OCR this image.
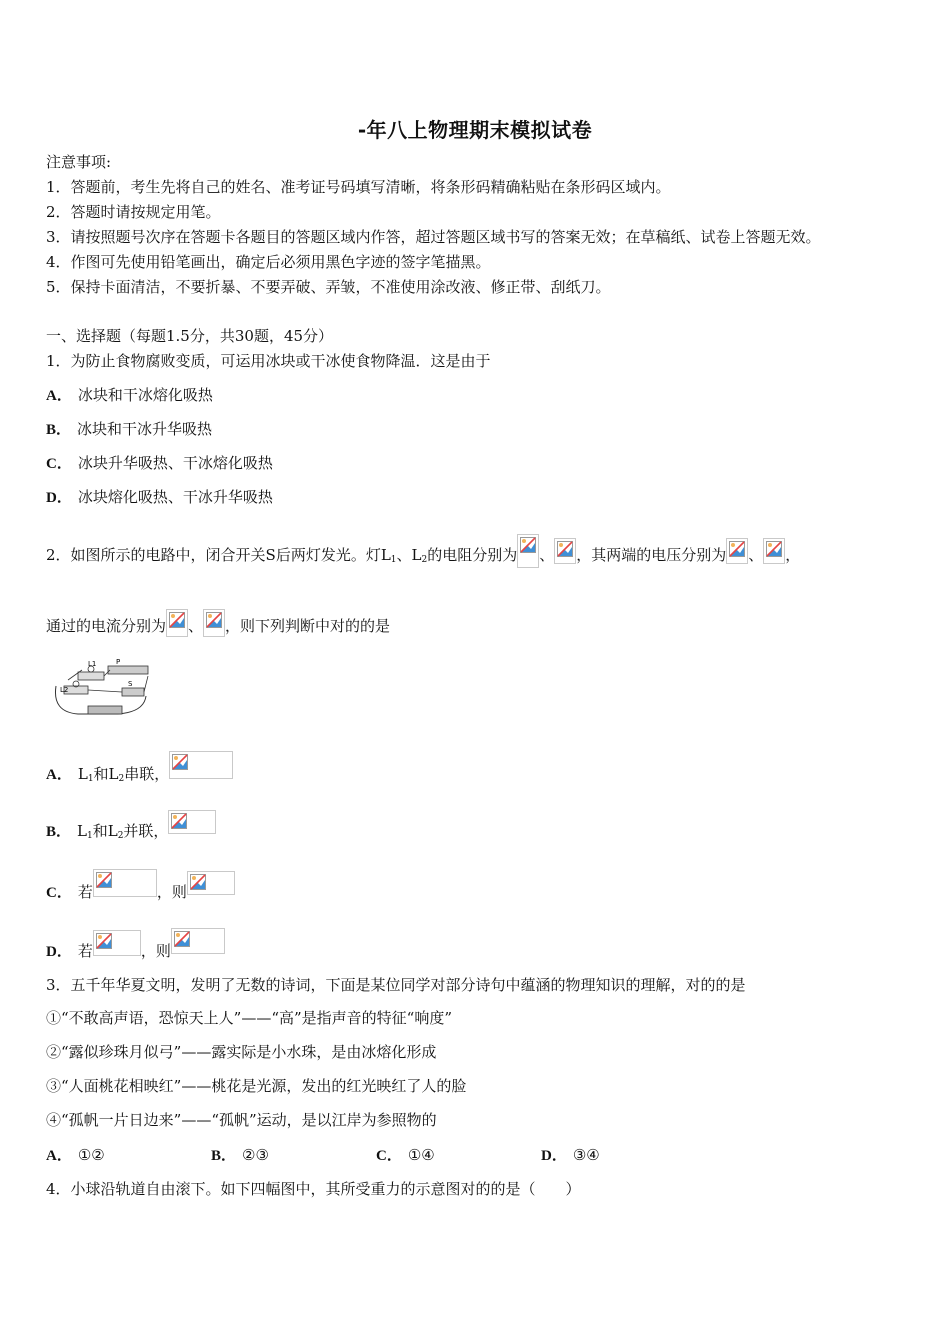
-年八上物理期末模拟试卷
注意事项:
1．答题前，考生先将自己的姓名、准考证号码填写清晰，将条形码精确粘贴在条形码区域内。
2．答题时请按规定用笔。
3．请按照题号次序在答题卡各题目的答题区域内作答，超过答题区域书写的答案无效；在草稿纸、试卷上答题无效。
4．作图可先使用铅笔画出，确定后必须用黑色字迹的签字笔描黑。
5．保持卡面清洁，不要折暴、不要弄破、弄皱，不准使用涂改液、修正带、刮纸刀。
一、选择题（每题1.5分，共30题，45分）
1．为防止食物腐败变质，可运用冰块或干冰使食物降温．这是由于
A． 冰块和干冰熔化吸热
B． 冰块和干冰升华吸热
C． 冰块升华吸热、干冰熔化吸热
D． 冰块熔化吸热、干冰升华吸热
2．如图所示的电路中，闭合开关S后两灯发光。灯$L_1$、$L_2$的电阻分别为 、 ，其两端的电压分别为 、 ，
通过的电流分别为 、 ，则下列判断中对的的是
L1
L2
P
S
A． $L_1$和$L_2$串联，
B． $L_1$和$L_2$并联，
C． 若	，则
D． 若	，则
3．五千年华夏文明，发明了无数的诗词，下面是某位同学对部分诗句中蕴涵的物理知识的理解，对的的是
①“不敢高声语，恐惊天上人”——“高”是指声音的特征“响度”
②“露似珍珠月似弓”——露实际是小水珠，是由冰熔化形成
③“人面桃花相映红”——桃花是光源，发出的红光映红了人的脸
④“孤帆一片日边来”——“孤帆”运动，是以江岸为参照物的
A． ①②	B． ②③	C． ①④	D． ③④
4．小球沿轨道自由滚下。如下四幅图中，其所受重力的示意图对的的是（　　）
